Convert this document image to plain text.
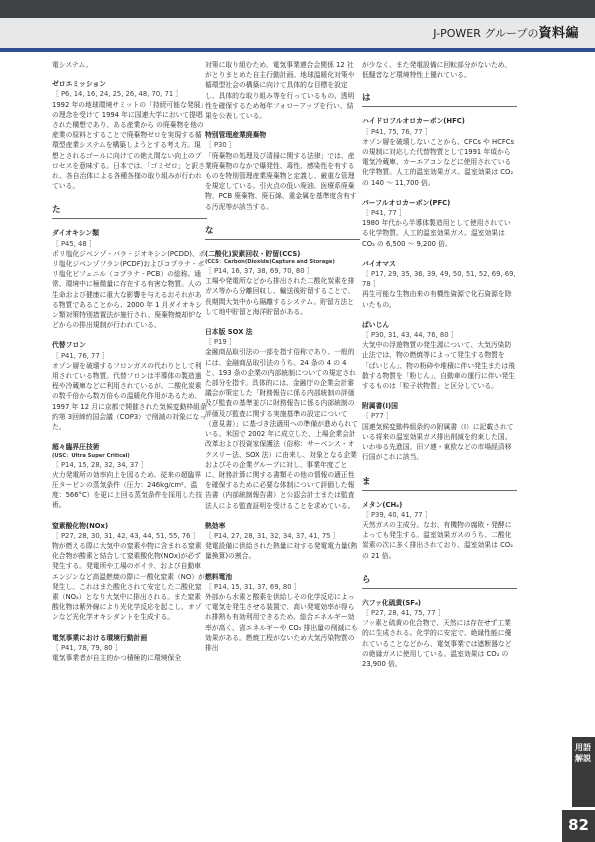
J-POWER グループの資料編

電システム。

ゼロエミッション
［ P6, 14, 16, 24, 25, 26, 48, 70, 71 ］

1992 年の地球環境サミットの「持続可能な発展」の理念を受けて 1994 年に国連大学において提唱された構想であり、ある産業から の廃棄物を他の産業の原料とすることで廃棄物ゼロを実現する循環型産業システムを構築しようとする考え方。現想とされるゴールに向けての絶え間ない向上のプロセスを意味する。日本では、「ゴミゼロ」と訳され、各自治体による各種各様の取り組みが行われている。

た
ダイオキシン類
［ P45, 48 ］

ポリ塩化ジベンゾ - パラ - ジオキシン(PCDD)、ポリ塩化ジベンゾフラン(PCDF)およびコプラナ - ポリ塩化ビフェニル（コプラナ - PCB）の総称。通常、環境中に極微量に存在する有害な物質。人の生命および健康に重大な影響を与えるおそれがある物質であることから、2000 年 1 月ダイオキシン類対策特別措置法が施行され、廃棄物焼却炉などからの排出規制が行われている。

代替フロン
［ P41, 76, 77 ］

オゾン層を破壊するフロンガスの代わりとして利用されている物質。代替フロンは半導体の製造過程や冷蔵庫などに利用されているが、二酸化炭素の数千倍から数万倍もの温暖化作用があるため、1997 年 12 月に京都で開催された気候変動枠組条約第 3回締約国会議（COP3）で削減の対象になった。

超々臨界圧技術
(USC：Ultra Super Critical)
［ P14, 15, 28, 32, 34, 37 ］

火力発電所の効率向上を図るため、従来の超臨界圧タービンの蒸気条件（圧力：246kg/cm²、温度：566°C）を更に上回る蒸気条件を採用した技術。

窒素酸化物(NOx)
［ P27, 28, 30, 31, 42, 43, 44, 51, 55, 76 ］

物が燃える際に大気中の窒素や物に含まれる窒素化合物が酸素と結合して窒素酸化物(NOx)が必ず発生する。発電所や工場のボイラ、および自動車エンジンなど高温燃焼の際に一酸化窒素（NO）が発生し、これはまた酸化されて安定した二酸化窒素（NO₂）となり大気中に排出される。また窒素酸化物は紫外線により光化学反応を起こし、オゾンなど光化学オキシダントを生成する。

電気事業における環境行動計画
［ P41, 78, 79, 80 ］

電気事業者が自主的かつ積極的に環境保全

対策に取り組むため、電気事業連合会関係 12 社がとりまとめた自主行動計画。地球温暖化対策や循環型社会の構築に向けて具体的な目標を設定し、具体的な取り組み等を行っているもの。透明性を確保するため毎年フォローアップを行い、結果を公表している。

特別管理産業廃棄物
［ P30 ］

「廃棄物の処理及び清掃に関する法律」では、産業廃棄物のなかで爆発性、毒性、感染性を有するものを特別管理産業廃棄物と定義し、厳重な管理を規定している。引火点の低い廃油、医療系廃棄物、PCB 廃棄物、廃石綿、重金属を基準度含有する汚泥等が該当する。

な
(二酸化)炭素回収・貯留(CCS)
(CCS：Carbon(Dioxide)Capture and Storage)
［ P14, 16, 37, 38, 69, 70, 80 ］

工場や発電所などから排出された二酸化炭素を排ガス等から分離回収し、輸送後貯留することで、長期間大気中から隔離するシステム。貯留方法として地中貯留と海洋貯留がある。

日本版 SOX 法
［ P19 ］

金融商品取引法の一部を指す俗称であり、一般的には、金融商品取引法のうち、24 条の 4 の 4 と、193 条の企業の内部統制についての規定された部分を指す。具体的には、金融庁の企業会計審議会が策定した「財務報告に係る内部統制の評価及び監査の基準並びに財務報告に係る内部統制の評価及び監査に関する実施基準の設定について（意見書）」に基づき法適用への準備が進められている。米国で 2002 年に成立した、上場企業会計改革および投資家保護法（俗称：サーベンス・オクスリー法、SOX 法）に由来し、対象となる企業およびその企業グループに対し、事業年度ごとに、財務計算に関する書類その他の情報の適正性を確保するために必要な体制について評価した報告書（内部統制報告書）と公認会計士または監査法人による監査証明を受けることを求めている。

熱効率
［ P14, 27, 28, 31, 32, 34, 37, 41, 75 ］

発電設備に供給された熱量に対する発電電力量(熱量換算)の割合。

燃料電池
［ P14, 15, 31, 37, 69, 80 ］

外部から水素と酸素を供給しその化学反応によって電気を発生させる装置で、高い発電効率が得られ排熱も有効利用できるため、総合エネルギー効率が高く、省エネルギーや CO₂ 排出量の削減にも効果がある。燃焼工程がないため大気汚染物質の排出

が少なく、また発電設備に回転部分がないため、低騒音など環境特性上優れている。

は
ハイドロフルオロカーボン(HFC)
［ P41, 75, 76, 77 ］

オゾン層を破壊しないことから、CFCs や HCFCs の規制に対応した代替物質として1991 年頃から電気冷蔵庫、カーエアコンなどに使用されている化学物質。人工的温室効果ガス。温室効果は CO₂ の 140 ～ 11,700 倍。

パーフルオロカーボン(PFC)
［ P41, 77 ］

1980 年代から半導体製造用として使用されている化学物質。人工的温室効果ガス。温室効果は CO₂ の 6,500 ～ 9,200 倍。

バイオマス
［ P17, 29, 35, 36, 39, 49, 50, 51, 52, 69, 69, 78 ］

再生可能な生物由来の有機性資源で化石資源を除いたもの。

ばいじん
［ P30, 31, 43, 44, 76, 80 ］

大気中の浮遊物質の発生源について、大気汚染防止法では、物の燃焼等によって発生する物質を「ばいじん」、物の粉砕や堆積に伴い発生または飛散する物質を「粉じん」、自動車の運行に伴い発生するものは「粒子状物質」と区分している。

附属書(Ⅰ)国
［ P77 ］

国連気候変動枠組条約の附属書（Ⅰ）に記載されている将来の温室効果ガス排出削減を約束した国。いわゆる先進国、旧ソ連・東欧などの市場経済移行国がこれに該当。

ま
メタン(CH₄)
［ P39, 40, 41, 77 ］

天然ガスの主成分。なお、有機物の腐敗・発酵によっても発生する。温室効果ガスのうち、二酸化炭素の次に多く排出されており、温室効果は CO₂ の 21 倍。

ら
六フッ化硫黄(SF₆)
［ P27, 28, 41, 75, 77 ］

フッ素と硫黄の化合物で、天然には存在せず工業的に生成される。化学的に安定で、絶縁性能に優れていることなどから、電気事業では遮断器などの絶縁ガスに使用している。温室効果は CO₂ の 23,900 倍。

用語解説
82
